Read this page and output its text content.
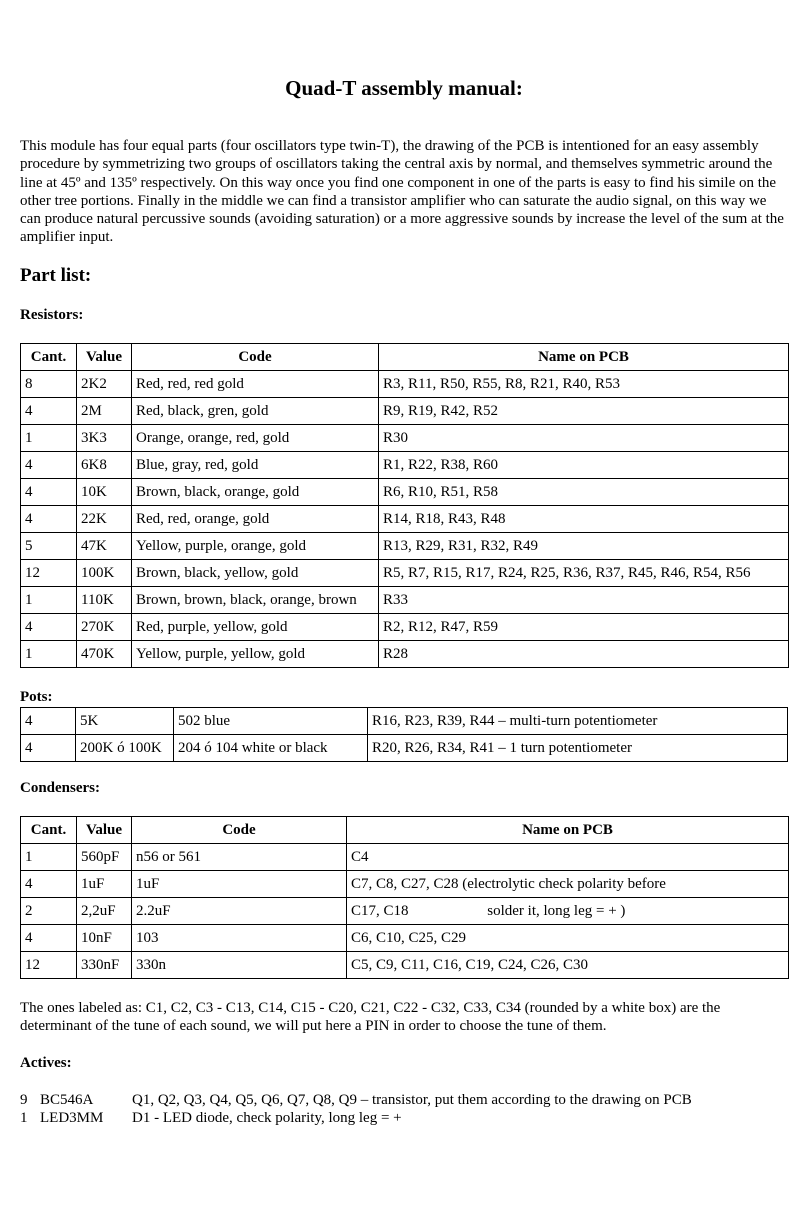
Quad-T assembly manual:
This module has four equal parts (four oscillators type twin-T), the drawing of the PCB is intentioned for an easy assembly procedure by symmetrizing two groups of oscillators taking the central axis by normal, and themselves symmetric around the line at 45º and 135º respectively. On this way once you find one component in one of the parts is easy to find his simile on the other tree portions. Finally in the middle we can find a transistor amplifier who can saturate the audio signal, on this way we can produce natural percussive sounds (avoiding saturation) or a more aggressive sounds by increase the level of the sum at the amplifier input.
Part list:
Resistors:
Cant.	Value	Code	Name on PCB
8	2K2	Red, red, red gold	R3, R11, R50, R55, R8, R21, R40, R53
4	2M	Red, black, gren, gold	R9, R19, R42, R52
1	3K3	Orange, orange, red, gold	R30
4	6K8	Blue, gray, red, gold	R1, R22, R38, R60
4	10K	Brown, black, orange, gold	R6, R10, R51, R58
4	22K	Red, red, orange, gold	R14, R18, R43, R48
5	47K	Yellow, purple, orange, gold	R13, R29, R31, R32, R49
12	100K	Brown, black, yellow, gold	R5, R7, R15, R17, R24, R25, R36, R37, R45, R46, R54, R56
1	110K	Brown, brown, black, orange, brown	R33
4	270K	Red, purple, yellow, gold	R2, R12, R47, R59
1	470K	Yellow, purple, yellow, gold	R28
Pots:
4	5K	502 blue	R16, R23, R39, R44 – multi-turn potentiometer
4	200K ó 100K	204 ó 104 white or black	R20, R26, R34, R41 – 1 turn potentiometer
Condensers:
Cant.	Value	Code	Name on PCB
1	560pF	n56 or 561	C4
4	1uF	1uF	C7, C8, C27, C28 (electrolytic check polarity before
2	2,2uF	2.2uF	C17, C18                     solder it, long leg = + )
4	10nF	103	C6, C10, C25, C29
12	330nF	330n	C5, C9, C11, C16, C19, C24, C26, C30
The ones labeled as: C1, C2, C3 - C13, C14, C15 - C20, C21, C22 - C32, C33, C34 (rounded by a white box) are the determinant of the tune of each sound, we will put here a PIN in order to choose the tune of them.
Actives:
9 BC546A	Q1, Q2, Q3, Q4, Q5, Q6, Q7, Q8, Q9 – transistor, put them according to the drawing on PCB
1 LED3MM	D1 - LED diode, check polarity, long leg = +
